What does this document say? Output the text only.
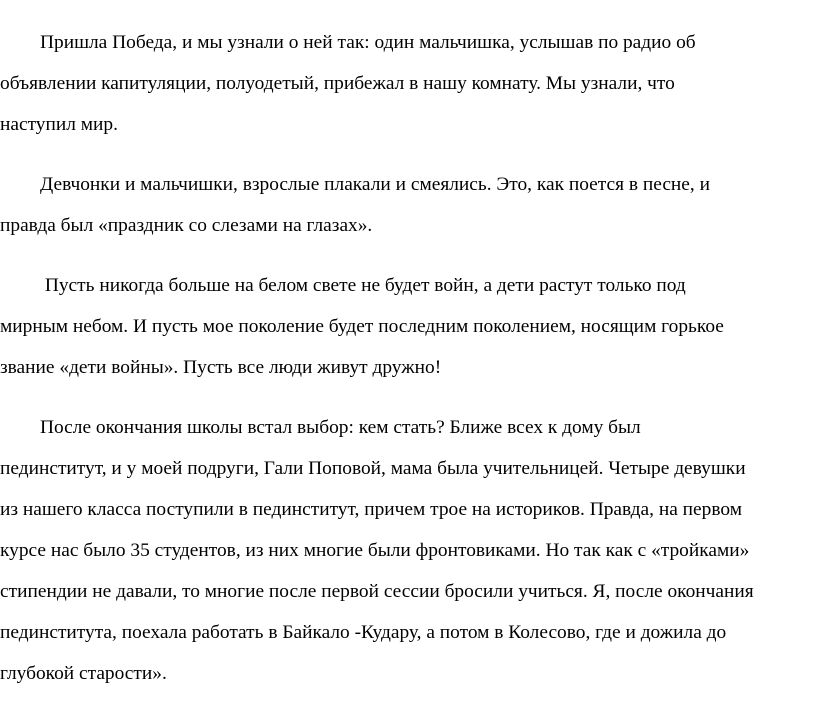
Пришла Победа, и мы узнали о ней так: один мальчишка, услышав по радио об
объявлении капитуляции, полуодетый, прибежал в нашу комнату. Мы узнали, что
наступил мир.

Девчонки и мальчишки, взрослые плакали и смеялись. Это, как поется в песне, и
правда был «праздник со слезами на глазах».

Пусть никогда больше на белом свете не будет войн, а дети растут только под
мирным небом. И пусть мое поколение будет последним поколением, носящим горькое
звание «дети войны». Пусть все люди живут дружно!

После окончания школы встал выбор: кем стать? Ближе всех к дому был
пединститут, и у моей подруги, Гали Поповой, мама была учительницей. Четыре девушки
из нашего класса поступили в пединститут, причем трое на историков. Правда, на первом
курсе нас было 35 студентов, из них многие были фронтовиками. Но так как с «тройками»
стипендии не давали, то многие после первой сессии бросили учиться. Я, после окончания
пединститута, поехала работать в Байкало -Кудару, а потом в Колесово, где и дожила до
глубокой старости».
